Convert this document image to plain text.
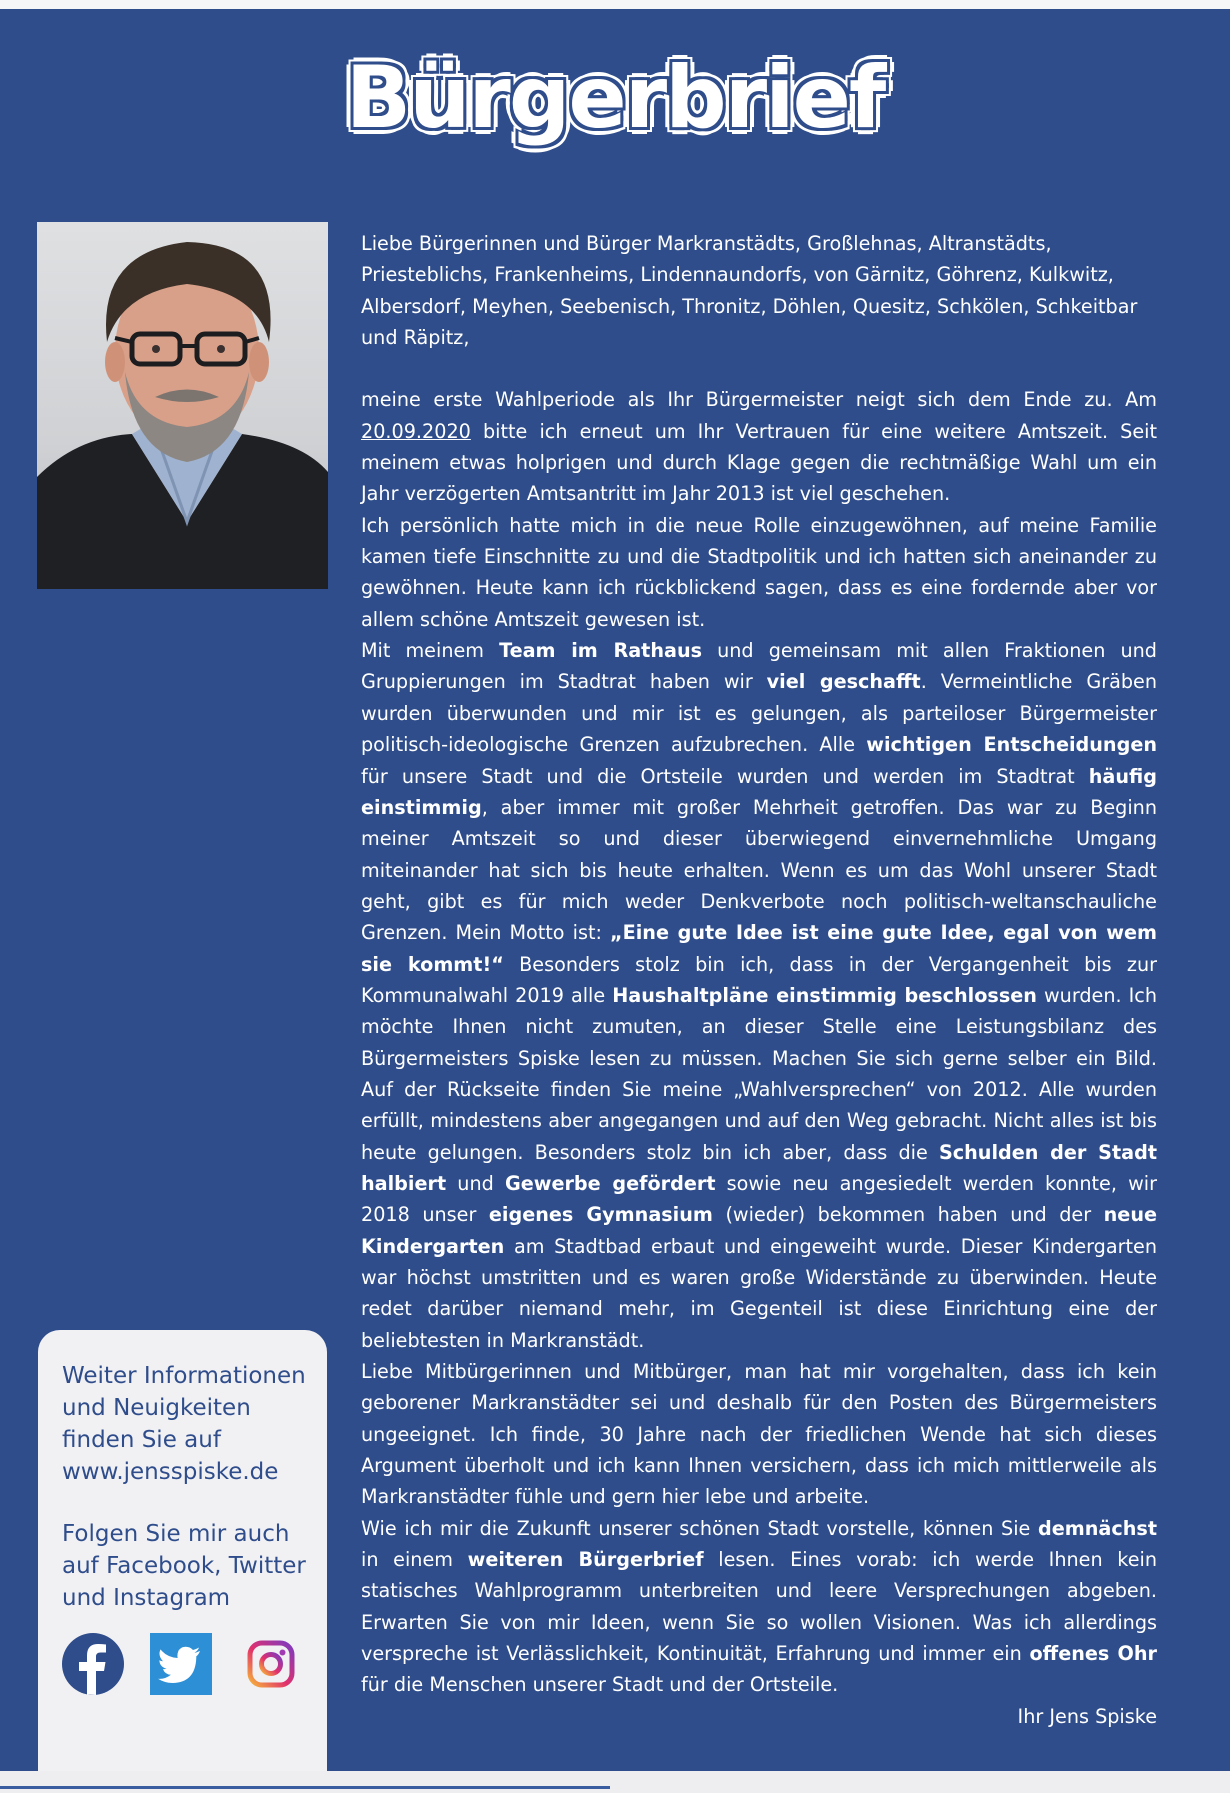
Bürgerbrief

Liebe Bürgerinnen und Bürger Markranstädts, Großlehnas, Altranstädts, Priesteblichs, Frankenheims, Lindennaundorfs, von Gärnitz, Göhrenz, Kulkwitz, Albersdorf, Meyhen, Seebenisch, Thronitz, Döhlen, Quesitz, Schkölen, Schkeitbar und Räpitz,

meine erste Wahlperiode als Ihr Bürgermeister neigt sich dem Ende zu. Am 20.09.2020 bitte ich erneut um Ihr Vertrauen für eine weitere Amtszeit. Seit meinem etwas holprigen und durch Klage gegen die rechtmäßige Wahl um ein Jahr verzögerten Amtsantritt im Jahr 2013 ist viel geschehen.

Ich persönlich hatte mich in die neue Rolle einzugewöhnen, auf meine Familie kamen tiefe Einschnitte zu und die Stadtpolitik und ich hatten sich aneinander zu gewöhnen. Heute kann ich rückblickend sagen, dass es eine fordernde aber vor allem schöne Amtszeit gewesen ist.

Mit meinem Team im Rathaus und gemeinsam mit allen Fraktionen und Gruppierungen im Stadtrat haben wir viel geschafft. Vermeintliche Gräben wurden überwunden und mir ist es gelungen, als parteiloser Bürgermeister politisch-ideologische Grenzen aufzubrechen. Alle wichtigen Entscheidungen für unsere Stadt und die Ortsteile wurden und werden im Stadtrat häufig einstimmig, aber immer mit großer Mehrheit getroffen. Das war zu Beginn meiner Amtszeit so und dieser überwiegend einvernehmliche Umgang miteinander hat sich bis heute erhalten. Wenn es um das Wohl unserer Stadt geht, gibt es für mich weder Denkverbote noch politisch-weltanschauliche Grenzen. Mein Motto ist: „Eine gute Idee ist eine gute Idee, egal von wem sie kommt!“ Besonders stolz bin ich, dass in der Vergangenheit bis zur Kommunalwahl 2019 alle Haushaltpläne einstimmig beschlossen wurden. Ich möchte Ihnen nicht zumuten, an dieser Stelle eine Leistungsbilanz des Bürgermeisters Spiske lesen zu müssen. Machen Sie sich gerne selber ein Bild. Auf der Rückseite finden Sie meine „Wahlversprechen“ von 2012. Alle wurden erfüllt, mindestens aber angegangen und auf den Weg gebracht. Nicht alles ist bis heute gelungen. Besonders stolz bin ich aber, dass die Schulden der Stadt halbiert und Gewerbe gefördert sowie neu angesiedelt werden konnte, wir 2018 unser eigenes Gymnasium (wieder) bekommen haben und der neue Kindergarten am Stadtbad erbaut und eingeweiht wurde. Dieser Kindergarten war höchst umstritten und es waren große Widerstände zu überwinden. Heute redet darüber niemand mehr, im Gegenteil ist diese Einrichtung eine der beliebtesten in Markranstädt.

Liebe Mitbürgerinnen und Mitbürger, man hat mir vorgehalten, dass ich kein geborener Markranstädter sei und deshalb für den Posten des Bürgermeisters ungeeignet. Ich finde, 30 Jahre nach der friedlichen Wende hat sich dieses Argument überholt und ich kann Ihnen versichern, dass ich mich mittlerweile als Markranstädter fühle und gern hier lebe und arbeite.

Wie ich mir die Zukunft unserer schönen Stadt vorstelle, können Sie demnächst in einem weiteren Bürgerbrief lesen. Eines vorab: ich werde Ihnen kein statisches Wahlprogramm unterbreiten und leere Versprechungen abgeben. Erwarten Sie von mir Ideen, wenn Sie so wollen Visionen. Was ich allerdings verspreche ist Verlässlichkeit, Kontinuität, Erfahrung und immer ein offenes Ohr für die Menschen unserer Stadt und der Ortsteile.

Ihr Jens Spiske

Weiter Informationen
und Neuigkeiten
finden Sie auf
www.jensspiske.de
Folgen Sie mir auch
auf Facebook, Twitter
und Instagram
